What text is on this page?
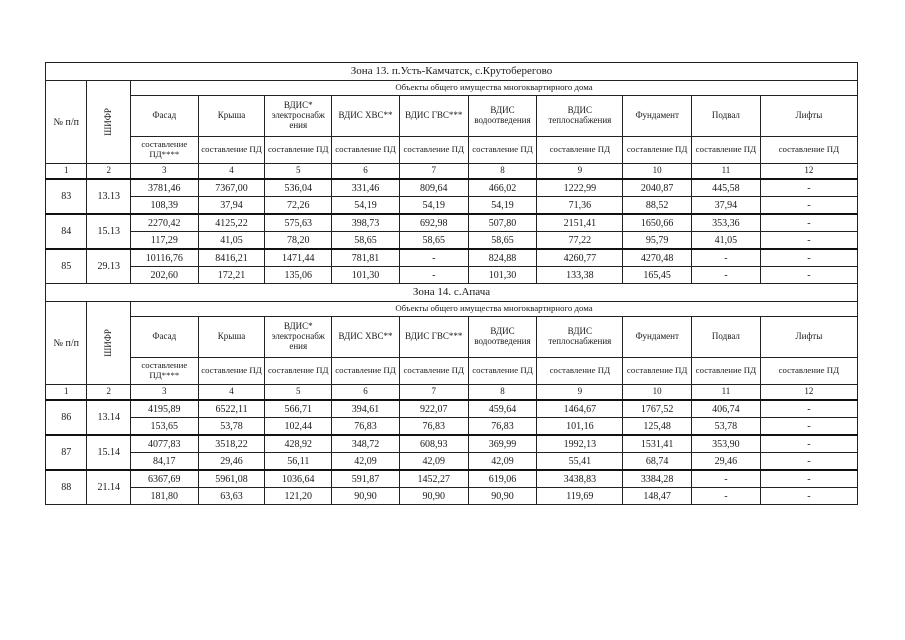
Зона 13. п.Усть-Камчатск, с.Крутоберегово											
№ п/п	ШИФР	Объекты общего имущества многоквартирного дома									
		Фасад	Крыша	ВДИС* электроснабж ения	ВДИС ХВС**	ВДИС ГВС***	ВДИС водоотведения	ВДИС теплоснабжения	Фундамент	Подвал	Лифты
		составление ПД****	составление ПД	составление ПД	составление ПД	составление ПД	составление ПД	составление ПД	составление ПД	составление ПД	составление ПД
1	2	3	4	5	6	7	8	9	10	11	12
83	13.13	3781,46	7367,00	536,04	331,46	809,64	466,02	1222,99	2040,87	445,58	-
		108,39	37,94	72,26	54,19	54,19	54,19	71,36	88,52	37,94	-
84	15.13	2270,42	4125,22	575,63	398,73	692,98	507,80	2151,41	1650,66	353,36	-
		117,29	41,05	78,20	58,65	58,65	58,65	77,22	95,79	41,05	-
85	29.13	10116,76	8416,21	1471,44	781,81	-	824,88	4260,77	4270,48	-	-
		202,60	172,21	135,06	101,30	-	101,30	133,38	165,45	-	-
Зона 14. с.Апача											
№ п/п	ШИФР	Объекты общего имущества многоквартирного дома									
		Фасад	Крыша	ВДИС* электроснабж ения	ВДИС ХВС**	ВДИС ГВС***	ВДИС водоотведения	ВДИС теплоснабжения	Фундамент	Подвал	Лифты
		составление ПД****	составление ПД	составление ПД	составление ПД	составление ПД	составление ПД	составление ПД	составление ПД	составление ПД	составление ПД
1	2	3	4	5	6	7	8	9	10	11	12
86	13.14	4195,89	6522,11	566,71	394,61	922,07	459,64	1464,67	1767,52	406,74	-
		153,65	53,78	102,44	76,83	76,83	76,83	101,16	125,48	53,78	-
87	15.14	4077,83	3518,22	428,92	348,72	608,93	369,99	1992,13	1531,41	353,90	-
		84,17	29,46	56,11	42,09	42,09	42,09	55,41	68,74	29,46	-
88	21.14	6367,69	5961,08	1036,64	591,87	1452,27	619,06	3438,83	3384,28	-	-
		181,80	63,63	121,20	90,90	90,90	90,90	119,69	148,47	-	-
